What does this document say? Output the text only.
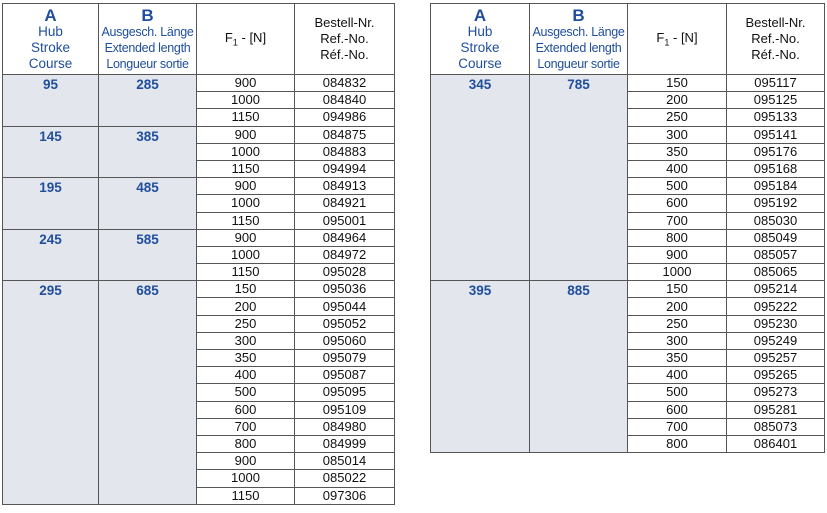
A
Hub
Stroke
Course	B
Ausgesch. Länge
Extended length
Longueur sortie	$F_1 - [N]$	Bestell-Nr.
Ref.-No.
Réf.-No.

95	285	900	084832
		1000	084840
		1150	094986
145	385	900	084875
		1000	084883
		1150	094994
195	485	900	084913
		1000	084921
		1150	095001
245	585	900	084964
		1000	084972
		1150	095028
295	685	150	095036
		200	095044
		250	095052
		300	095060
		350	095079
		400	095087
		500	095095
		600	095109
		700	084980
		800	084999
		900	085014
		1000	085022
		1150	097306
A
Hub
Stroke
Course	B
Ausgesch. Länge
Extended length
Longueur sortie	$F_1 - [N]$	Bestell-Nr.
Ref.-No.
Réf.-No.

345	785	150	095117
		200	095125
		250	095133
		300	095141
		350	095176
		400	095168
		500	095184
		600	095192
		700	085030
		800	085049
		900	085057
		1000	085065
395	885	150	095214
		200	095222
		250	095230
		300	095249
		350	095257
		400	095265
		500	095273
		600	095281
		700	085073
		800	086401
